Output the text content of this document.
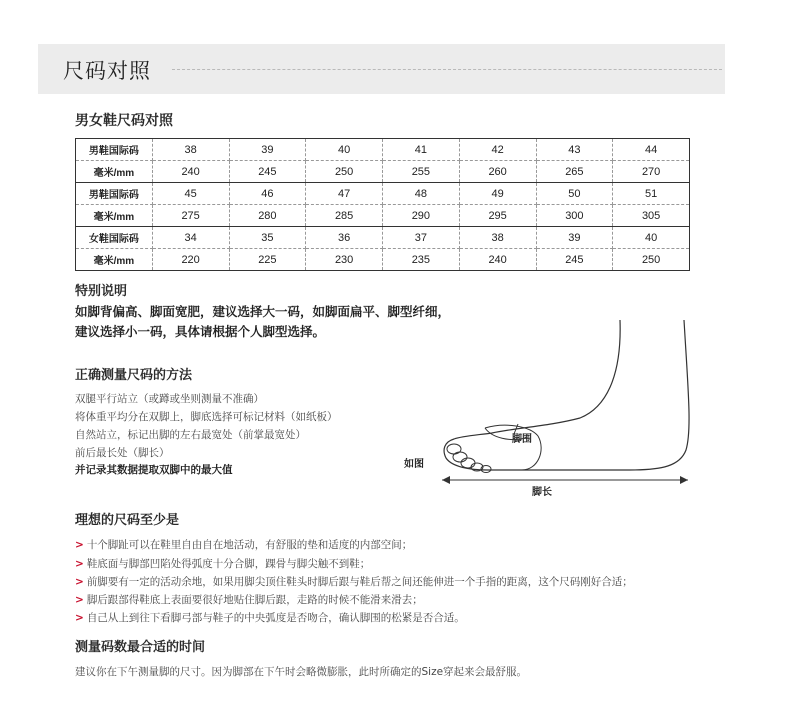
尺码对照
男女鞋尺码对照
男鞋国际码	38	39	40	41	42	43	44
毫米/mm	240	245	250	255	260	265	270
男鞋国际码	45	46	47	48	49	50	51
毫米/mm	275	280	285	290	295	300	305
女鞋国际码	34	35	36	37	38	39	40
毫米/mm	220	225	230	235	240	245	250
特别说明
如脚背偏高、脚面宽肥，建议选择大一码，如脚面扁平、脚型纤细，
建议选择小一码，具体请根据个人脚型选择。
正确测量尺码的方法
双腿平行站立（或蹲或坐则测量不准确）
将体重平均分在双脚上，脚底选择可标记材料（如纸板）
自然站立，标记出脚的左右最宽处（前掌最宽处）
前后最长处（脚长）
并记录其数据提取双脚中的最大值	如图
脚围
脚长
理想的尺码至少是
> 十个脚趾可以在鞋里自由自在地活动，有舒服的垫和适度的内部空间；
> 鞋底面与脚部凹陷处得弧度十分合脚，踝骨与脚尖触不到鞋；
> 前脚要有一定的活动余地，如果用脚尖顶住鞋头时脚后跟与鞋后帮之间还能伸进一个手指的距离，这个尺码刚好合适；
> 脚后跟部得鞋底上表面要很好地贴住脚后跟，走路的时候不能滑来滑去；
> 自己从上到往下看脚弓部与鞋子的中央弧度是否吻合，确认脚围的松紧是否合适。
测量码数最合适的时间
建议你在下午测量脚的尺寸。因为脚部在下午时会略微膨胀，此时所确定的Size穿起来会最舒服。
